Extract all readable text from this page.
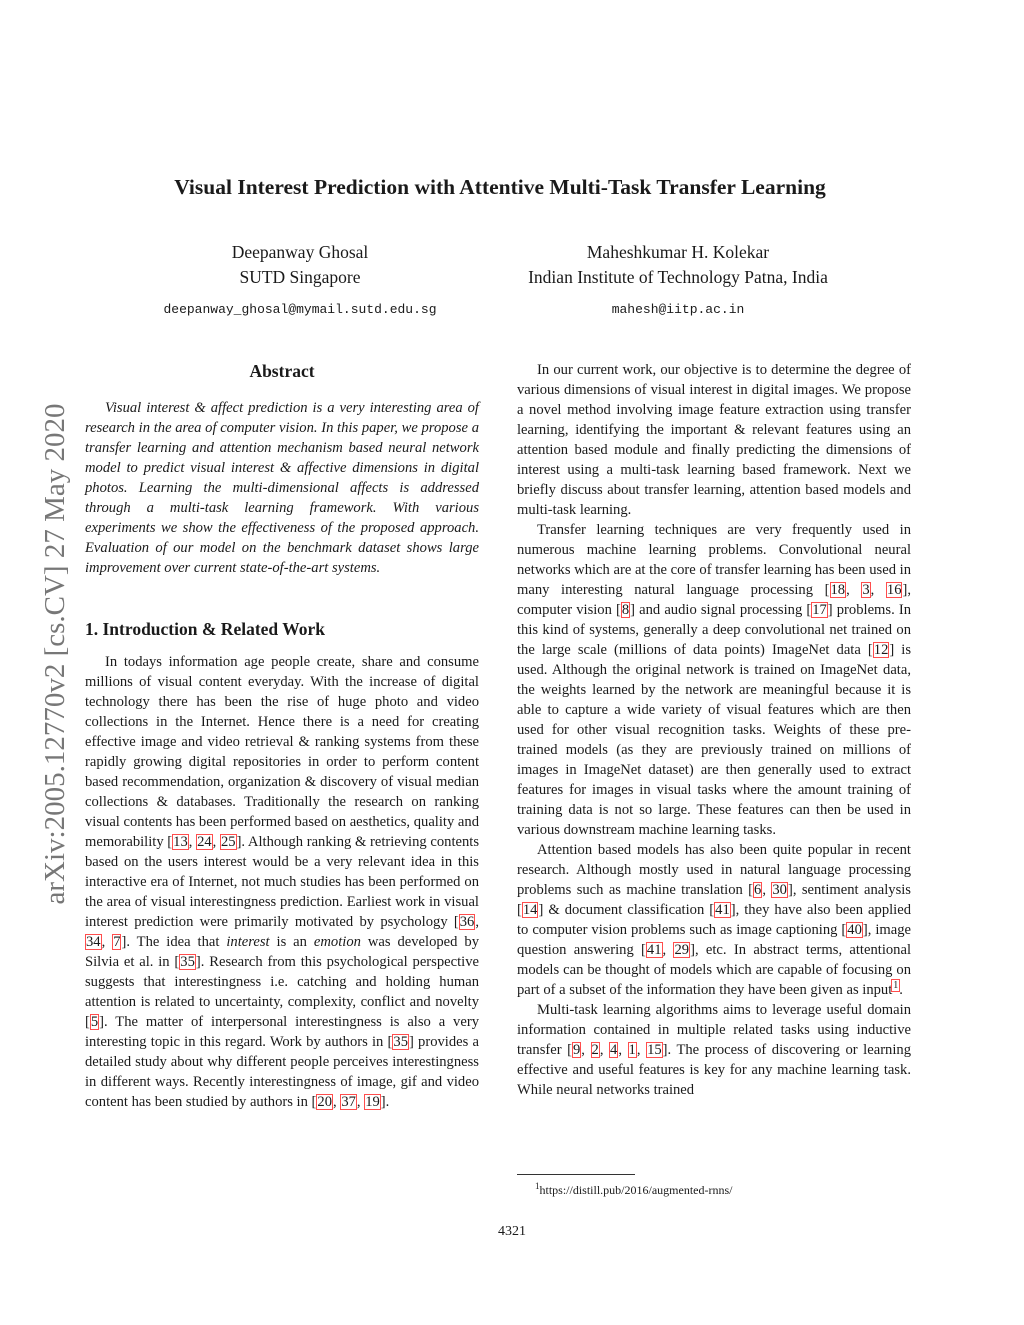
arXiv:2005.12770v2 [cs.CV] 27 May 2020
Visual Interest Prediction with Attentive Multi-Task Transfer Learning
Deepanway Ghosal
SUTD Singapore
deepanway_ghosal@mymail.sutd.edu.sg
Maheshkumar H. Kolekar
Indian Institute of Technology Patna, India
mahesh@iitp.ac.in
Abstract

Visual interest & affect prediction is a very interesting area of research in the area of computer vision. In this paper, we propose a transfer learning and attention mechanism based neural network model to predict visual interest & affective dimensions in digital photos. Learning the multi-dimensional affects is addressed through a multi-task learning framework. With various experiments we show the effectiveness of the proposed approach. Evaluation of our model on the benchmark dataset shows large improvement over current state-of-the-art systems.

1. Introduction & Related Work

In todays information age people create, share and consume millions of visual content everyday. With the increase of digital technology there has been the rise of huge photo and video collections in the Internet. Hence there is a need for creating effective image and video retrieval & ranking systems from these rapidly growing digital repositories in order to perform content based recommendation, organization & discovery of visual median collections & databases. Traditionally the research on ranking visual contents has been performed based on aesthetics, quality and memorability [13, 24, 25]. Although ranking & retrieving contents based on the users interest would be a very relevant idea in this interactive era of Internet, not much studies has been performed on the area of visual interestingness prediction. Earliest work in visual interest prediction were primarily motivated by psychology [36, 34, 7]. The idea that interest is an emotion was developed by Silvia et al. in [35]. Research from this psychological perspective suggests that interestingness i.e. catching and holding human attention is related to uncertainty, complexity, conflict and novelty [5]. The matter of interpersonal interestingness is also a very interesting topic in this regard. Work by authors in [35] provides a detailed study about why different people perceives interestingness in different ways. Recently interestingness of image, gif and video content has been studied by authors in [20, 37, 19].

In our current work, our objective is to determine the degree of various dimensions of visual interest in digital images. We propose a novel method involving image feature extraction using transfer learning, identifying the important & relevant features using an attention based module and finally predicting the dimensions of interest using a multi-task learning based framework. Next we briefly discuss about transfer learning, attention based models and multi-task learning.

Transfer learning techniques are very frequently used in numerous machine learning problems. Convolutional neural networks which are at the core of transfer learning has been used in many interesting natural language processing [18, 3, 16], computer vision [8] and audio signal processing [17] problems. In this kind of systems, generally a deep convolutional net trained on the large scale (millions of data points) ImageNet data [12] is used. Although the original network is trained on ImageNet data, the weights learned by the network are meaningful because it is able to capture a wide variety of visual features which are then used for other visual recognition tasks. Weights of these pre-trained models (as they are previously trained on millions of images in ImageNet dataset) are then generally used to extract features for images in visual tasks where the amount training of training data is not so large. These features can then be used in various downstream machine learning tasks.

Attention based models has also been quite popular in recent research. Although mostly used in natural language processing problems such as machine translation [6, 30], sentiment analysis [14] & document classification [41], they have also been applied to computer vision problems such as image captioning [40], image question answering [41, 29], etc. In abstract terms, attentional models can be thought of models which are capable of focusing on part of a subset of the information they have been given as input$^1$.

Multi-task learning algorithms aims to leverage useful domain information contained in multiple related tasks using inductive transfer [9, 2, 4, 1, 15]. The process of discovering or learning effective and useful features is key for any machine learning task. While neural networks trained

$^1$https://distill.pub/2016/augmented-rnns/
4321
